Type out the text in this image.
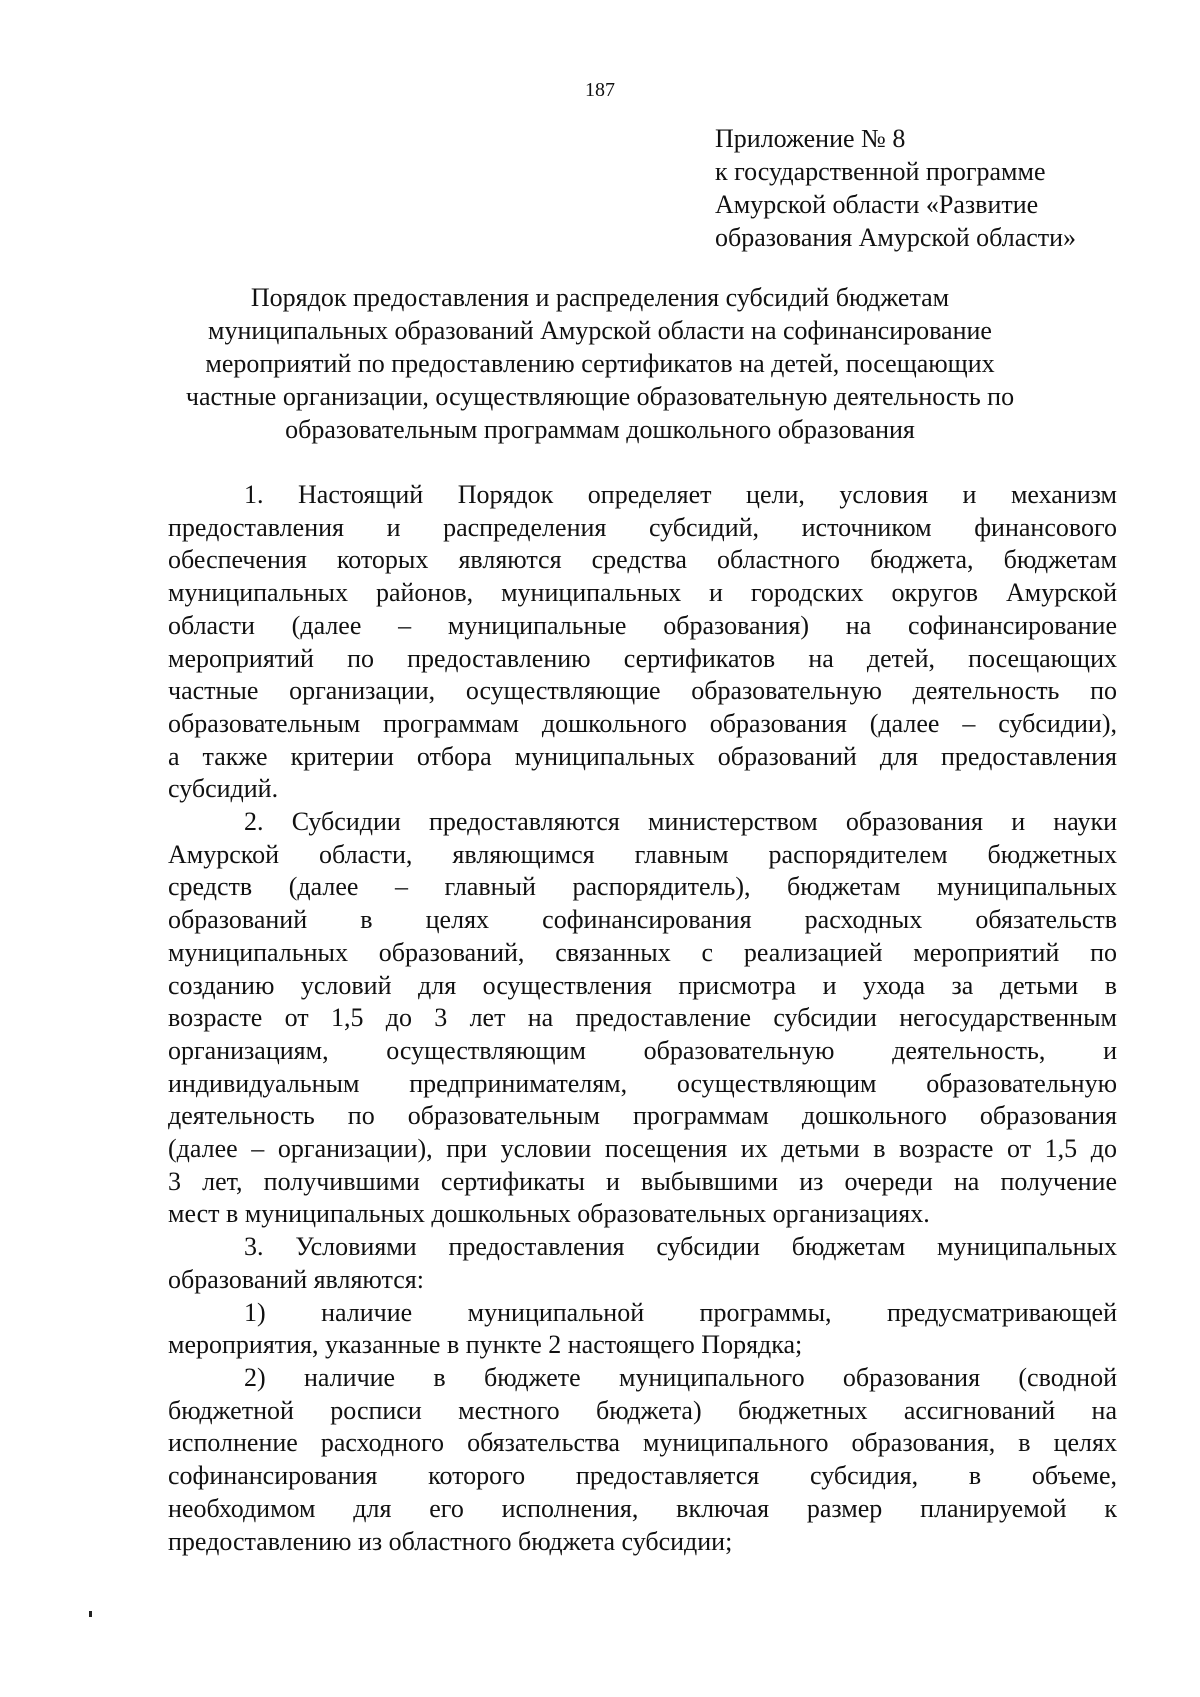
187
Приложение № 8
к государственной программе
Амурской области «Развитие
образования Амурской области»
Порядок предоставления и распределения субсидий бюджетам
муниципальных образований Амурской области на софинансирование
мероприятий по предоставлению сертификатов на детей, посещающих
частные организации, осуществляющие образовательную деятельность по
образовательным программам дошкольного образования
1. Настоящий Порядок определяет цели, условия и механизм
предоставления и распределения субсидий, источником финансового
обеспечения которых являются средства областного бюджета, бюджетам
муниципальных районов, муниципальных и городских округов Амурской
области (далее – муниципальные образования) на софинансирование
мероприятий по предоставлению сертификатов на детей, посещающих
частные организации, осуществляющие образовательную деятельность по
образовательным программам дошкольного образования (далее – субсидии),
а также критерии отбора муниципальных образований для предоставления
субсидий.
2. Субсидии предоставляются министерством образования и науки
Амурской области, являющимся главным распорядителем бюджетных
средств (далее – главный распорядитель), бюджетам муниципальных
образований в целях софинансирования расходных обязательств
муниципальных образований, связанных с реализацией мероприятий по
созданию условий для осуществления присмотра и ухода за детьми в
возрасте от 1,5 до 3 лет на предоставление субсидии негосударственным
организациям, осуществляющим образовательную деятельность, и
индивидуальным предпринимателям, осуществляющим образовательную
деятельность по образовательным программам дошкольного образования
(далее – организации), при условии посещения их детьми в возрасте от 1,5 до
3 лет, получившими сертификаты и выбывшими из очереди на получение
мест в муниципальных дошкольных образовательных организациях.
3. Условиями предоставления субсидии бюджетам муниципальных
образований являются:
1) наличие муниципальной программы, предусматривающей
мероприятия, указанные в пункте 2 настоящего Порядка;
2) наличие в бюджете муниципального образования (сводной
бюджетной росписи местного бюджета) бюджетных ассигнований на
исполнение расходного обязательства муниципального образования, в целях
софинансирования которого предоставляется субсидия, в объеме,
необходимом для его исполнения, включая размер планируемой к
предоставлению из областного бюджета субсидии;
